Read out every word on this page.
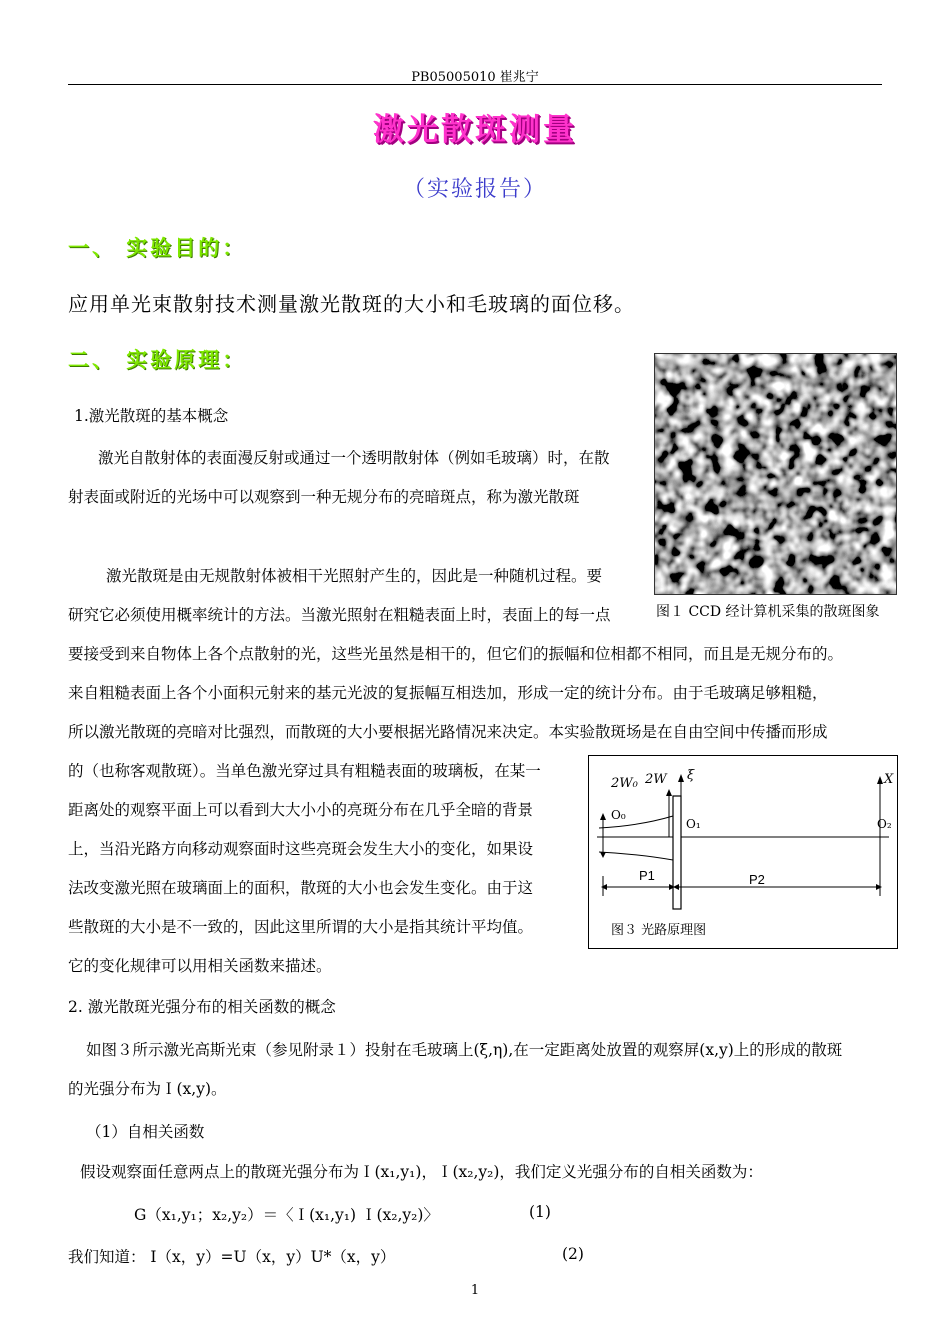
PB05005010 崔兆宁
激光散斑测量
（实验报告）
一、 实验目的：
应用单光束散射技术测量激光散斑的大小和毛玻璃的面位移。
二、 实验原理：
1.激光散斑的基本概念
激光自散射体的表面漫反射或通过一个透明散射体（例如毛玻璃）时，在散
射表面或附近的光场中可以观察到一种无规分布的亮暗斑点，称为激光散斑
激光散斑是由无规散射体被相干光照射产生的，因此是一种随机过程。要
研究它必须使用概率统计的方法。当激光照射在粗糙表面上时，表面上的每一点
要接受到来自物体上各个点散射的光，这些光虽然是相干的，但它们的振幅和位相都不相同，而且是无规分布的。
来自粗糙表面上各个小面积元射来的基元光波的复振幅互相迭加，形成一定的统计分布。由于毛玻璃足够粗糙，
所以激光散斑的亮暗对比强烈，而散斑的大小要根据光路情况来决定。本实验散斑场是在自由空间中传播而形成
的（也称客观散斑）。当单色激光穿过具有粗糙表面的玻璃板，在某一
距离处的观察平面上可以看到大大小小的亮斑分布在几乎全暗的背景
上，当沿光路方向移动观察面时这些亮斑会发生大小的变化，如果设
法改变激光照在玻璃面上的面积，散斑的大小也会发生变化。由于这
些散斑的大小是不一致的，因此这里所谓的大小是指其统计平均值。
它的变化规律可以用相关函数来描述。
2. 激光散斑光强分布的相关函数的概念
如图３所示激光高斯光束（参见附录１）投射在毛玻璃上(ξ,η),在一定距离处放置的观察屏(x,y)上的形成的散斑
的光强分布为Ｉ(x,y)。
（1）自相关函数
假设观察面任意两点上的散斑光强分布为Ｉ(x₁,y₁)，Ｉ(x₂,y₂)，我们定义光强分布的自相关函数为：
G（x₁,y₁；x₂,y₂）＝〈Ｉ(x₁,y₁) Ｉ(x₂,y₂)〉	(1)
我们知道： I（x，y）=U（x，y）U*（x，y）	(2)
图１ CCD 经计算机采集的散斑图象
2W₀ 2W ξ	X
O₀
O₁	O₂
P1	P2
图３ 光路原理图
1
